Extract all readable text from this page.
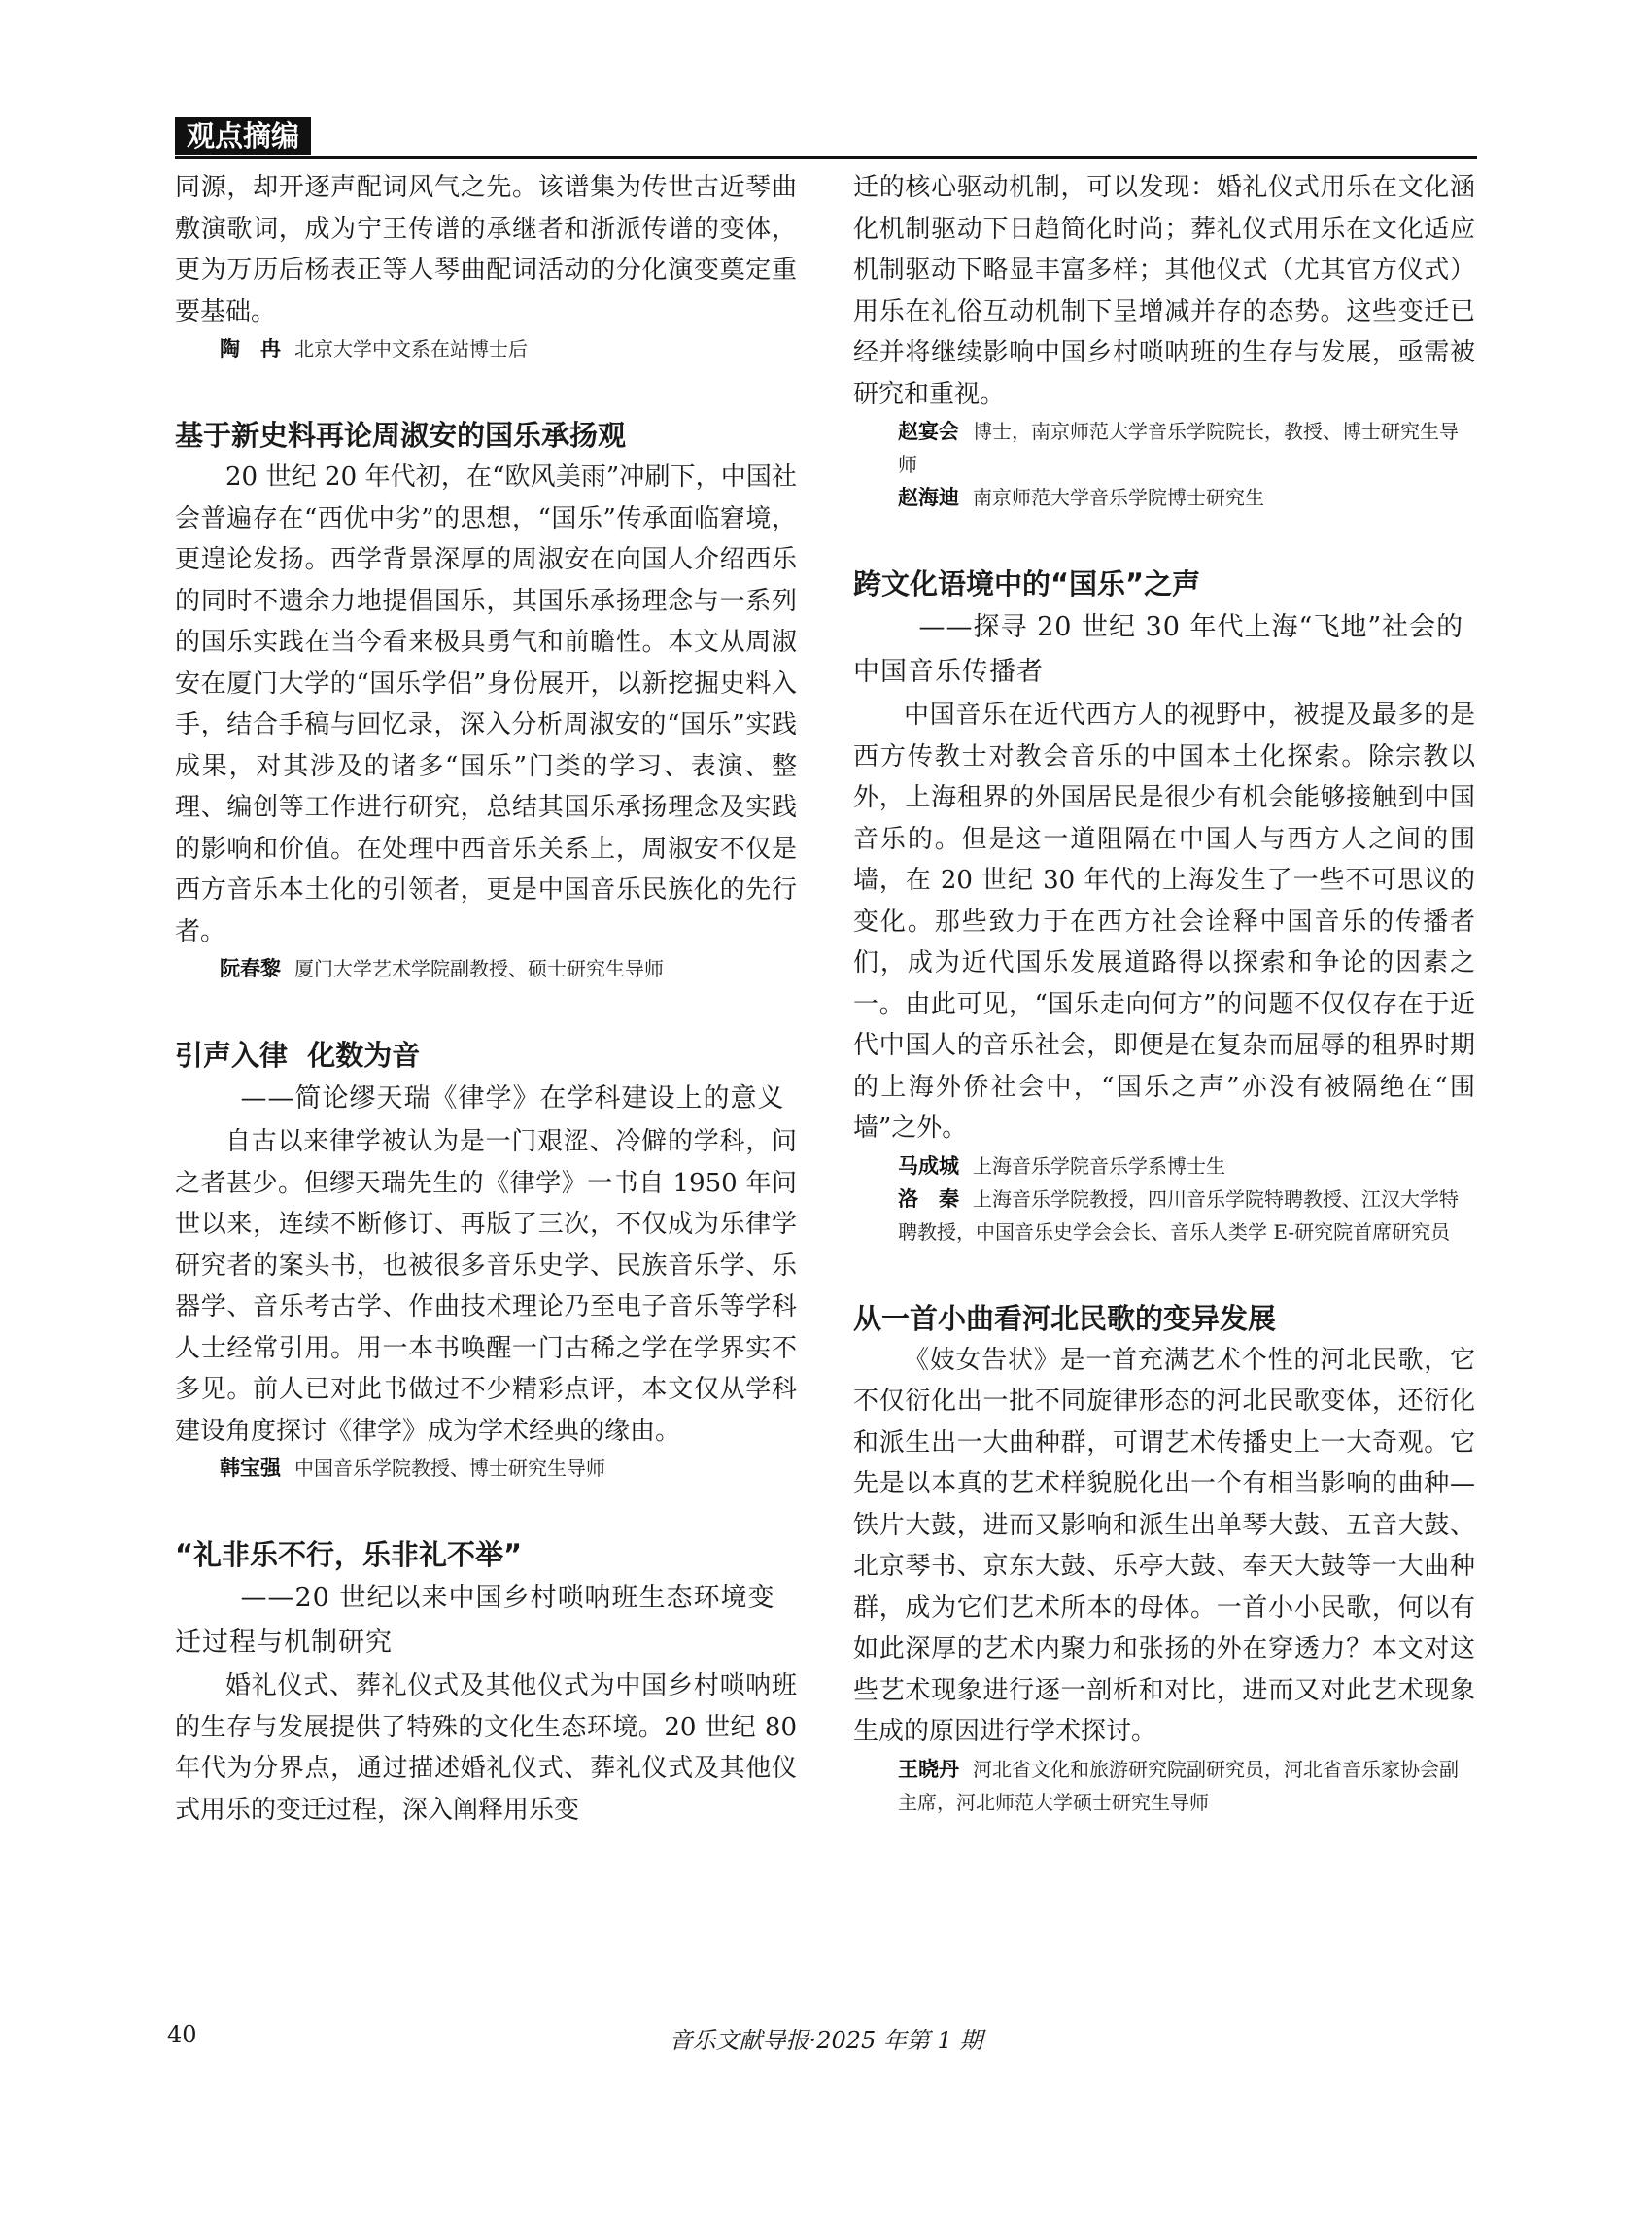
观点摘编

同源，却开逐声配词风气之先。该谱集为传世古近琴曲敷演歌词，成为宁王传谱的承继者和浙派传谱的变体，更为万历后杨表正等人琴曲配词活动的分化演变奠定重要基础。

陶　冉 北京大学中文系在站博士后

基于新史料再论周淑安的国乐承扬观

20 世纪 20 年代初，在“欧风美雨”冲刷下，中国社会普遍存在“西优中劣”的思想，“国乐”传承面临窘境，更遑论发扬。西学背景深厚的周淑安在向国人介绍西乐的同时不遗余力地提倡国乐，其国乐承扬理念与一系列的国乐实践在当今看来极具勇气和前瞻性。本文从周淑安在厦门大学的“国乐学侣”身份展开，以新挖掘史料入手，结合手稿与回忆录，深入分析周淑安的“国乐”实践成果，对其涉及的诸多“国乐”门类的学习、表演、整理、编创等工作进行研究，总结其国乐承扬理念及实践的影响和价值。在处理中西音乐关系上，周淑安不仅是西方音乐本土化的引领者，更是中国音乐民族化的先行者。

阮春黎 厦门大学艺术学院副教授、硕士研究生导师

引声入律  化数为音

——简论缪天瑞《律学》在学科建设上的意义

自古以来律学被认为是一门艰涩、冷僻的学科，问之者甚少。但缪天瑞先生的《律学》一书自 1950 年问世以来，连续不断修订、再版了三次，不仅成为乐律学研究者的案头书，也被很多音乐史学、民族音乐学、乐器学、音乐考古学、作曲技术理论乃至电子音乐等学科人士经常引用。用一本书唤醒一门古稀之学在学界实不多见。前人已对此书做过不少精彩点评，本文仅从学科建设角度探讨《律学》成为学术经典的缘由。

韩宝强 中国音乐学院教授、博士研究生导师

“礼非乐不行，乐非礼不举”

——20 世纪以来中国乡村唢呐班生态环境变迁过程与机制研究

婚礼仪式、葬礼仪式及其他仪式为中国乡村唢呐班的生存与发展提供了特殊的文化生态环境。20 世纪 80 年代为分界点，通过描述婚礼仪式、葬礼仪式及其他仪式用乐的变迁过程，深入阐释用乐变

迁的核心驱动机制，可以发现：婚礼仪式用乐在文化涵化机制驱动下日趋简化时尚；葬礼仪式用乐在文化适应机制驱动下略显丰富多样；其他仪式（尤其官方仪式）用乐在礼俗互动机制下呈增减并存的态势。这些变迁已经并将继续影响中国乡村唢呐班的生存与发展，亟需被研究和重视。

赵宴会 博士，南京师范大学音乐学院院长，教授、博士研究生导师

赵海迪 南京师范大学音乐学院博士研究生

跨文化语境中的“国乐”之声

——探寻 20 世纪 30 年代上海“飞地”社会的中国音乐传播者

中国音乐在近代西方人的视野中，被提及最多的是西方传教士对教会音乐的中国本土化探索。除宗教以外，上海租界的外国居民是很少有机会能够接触到中国音乐的。但是这一道阻隔在中国人与西方人之间的围墙，在 20 世纪 30 年代的上海发生了一些不可思议的变化。那些致力于在西方社会诠释中国音乐的传播者们，成为近代国乐发展道路得以探索和争论的因素之一。由此可见，“国乐走向何方”的问题不仅仅存在于近代中国人的音乐社会，即便是在复杂而屈辱的租界时期的上海外侨社会中，“国乐之声”亦没有被隔绝在“围墙”之外。

马成城 上海音乐学院音乐学系博士生

洛　秦 上海音乐学院教授，四川音乐学院特聘教授、江汉大学特聘教授，中国音乐史学会会长、音乐人类学 E-研究院首席研究员

从一首小曲看河北民歌的变异发展

《妓女告状》是一首充满艺术个性的河北民歌，它不仅衍化出一批不同旋律形态的河北民歌变体，还衍化和派生出一大曲种群，可谓艺术传播史上一大奇观。它先是以本真的艺术样貌脱化出一个有相当影响的曲种—铁片大鼓，进而又影响和派生出单琴大鼓、五音大鼓、北京琴书、京东大鼓、乐亭大鼓、奉天大鼓等一大曲种群，成为它们艺术所本的母体。一首小小民歌，何以有如此深厚的艺术内聚力和张扬的外在穿透力？本文对这些艺术现象进行逐一剖析和对比，进而又对此艺术现象生成的原因进行学术探讨。

王晓丹 河北省文化和旅游研究院副研究员，河北省音乐家协会副主席，河北师范大学硕士研究生导师

40	音乐文献导报·2025 年第 1 期
